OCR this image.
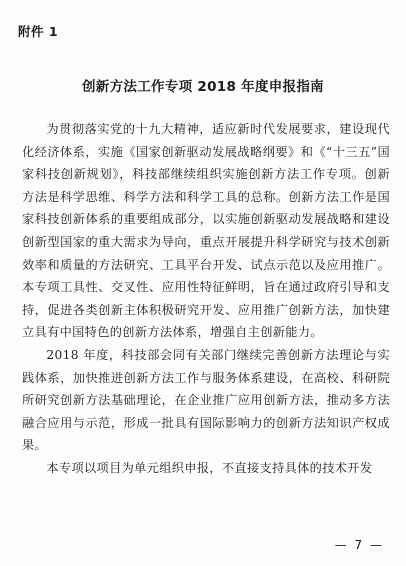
附件 1
创新方法工作专项 2018 年度申报指南

为贯彻落实党的十九大精神，适应新时代发展要求，建设现代化经济体系，实施《国家创新驱动发展战略纲要》和《“十三五”国家科技创新规划》，科技部继续组织实施创新方法工作专项。创新方法是科学思维、科学方法和科学工具的总称。创新方法工作是国家科技创新体系的重要组成部分，以实施创新驱动发展战略和建设创新型国家的重大需求为导向，重点开展提升科学研究与技术创新效率和质量的方法研究、工具平台开发、试点示范以及应用推广。本专项工具性、交叉性、应用性特征鲜明，旨在通过政府引导和支持，促进各类创新主体积极研究开发、应用推广创新方法，加快建立具有中国特色的创新方法体系，增强自主创新能力。

2018 年度，科技部会同有关部门继续完善创新方法理论与实践体系，加快推进创新方法工作与服务体系建设，在高校、科研院所研究创新方法基础理论，在企业推广应用创新方法，推动多方法融合应用与示范，形成一批具有国际影响力的创新方法知识产权成果。

本专项以项目为单元组织申报，不直接支持具体的技术开发

— 7 —
